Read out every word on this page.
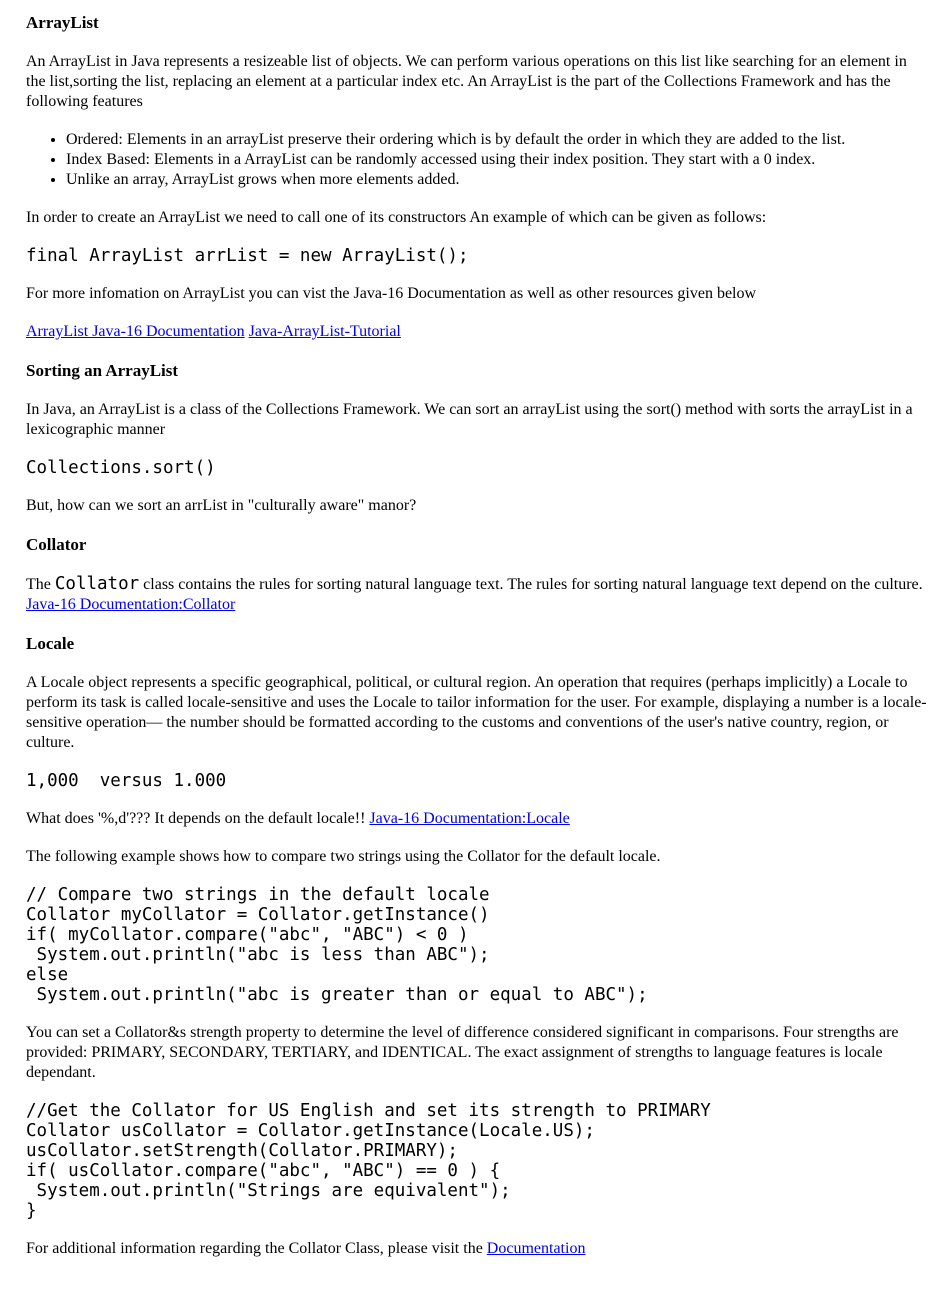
ArrayList

An ArrayList in Java represents a resizeable list of objects. We can perform various operations on this list like searching for an element in the list,sorting the list, replacing an element at a particular index etc. An ArrayList is the part of the Collections Framework and has the following features

• Ordered: Elements in an arrayList preserve their ordering which is by default the order in which they are added to the list.
• Index Based: Elements in a ArrayList can be randomly accessed using their index position. They start with a 0 index.
• Unlike an array, ArrayList grows when more elements added.

In order to create an ArrayList we need to call one of its constructors An example of which can be given as follows:

final ArrayList arrList = new ArrayList();

For more infomation on ArrayList you can vist the Java-16 Documentation as well as other resources given below

ArrayList Java-16 Documentation Java-ArrayList-Tutorial

Sorting an ArrayList

In Java, an ArrayList is a class of the Collections Framework. We can sort an arrayList using the sort() method with sorts the arrayList in a lexicographic manner

Collections.sort()

But, how can we sort an arrList in "culturally aware" manor?

Collator

The Collator class contains the rules for sorting natural language text. The rules for sorting natural language text depend on the culture. Java-16 Documentation:Collator

Locale

A Locale object represents a specific geographical, political, or cultural region. An operation that requires (perhaps implicitly) a Locale to perform its task is called locale-sensitive and uses the Locale to tailor information for the user. For example, displaying a number is a locale-sensitive operation— the number should be formatted according to the customs and conventions of the user's native country, region, or culture.

1,000  versus 1.000

What does '%,d'??? It depends on the default locale!! Java-16 Documentation:Locale

The following example shows how to compare two strings using the Collator for the default locale.

// Compare two strings in the default locale
Collator myCollator = Collator.getInstance()
if( myCollator.compare("abc", "ABC") < 0 )
System.out.println("abc is less than ABC");
else
System.out.println("abc is greater than or equal to ABC");

You can set a Collator&s strength property to determine the level of difference considered significant in comparisons. Four strengths are provided: PRIMARY, SECONDARY, TERTIARY, and IDENTICAL. The exact assignment of strengths to language features is locale dependant.

//Get the Collator for US English and set its strength to PRIMARY
Collator usCollator = Collator.getInstance(Locale.US);
usCollator.setStrength(Collator.PRIMARY);
if( usCollator.compare("abc", "ABC") == 0 ) {
System.out.println("Strings are equivalent");
}

For additional information regarding the Collator Class, please visit the Documentation
